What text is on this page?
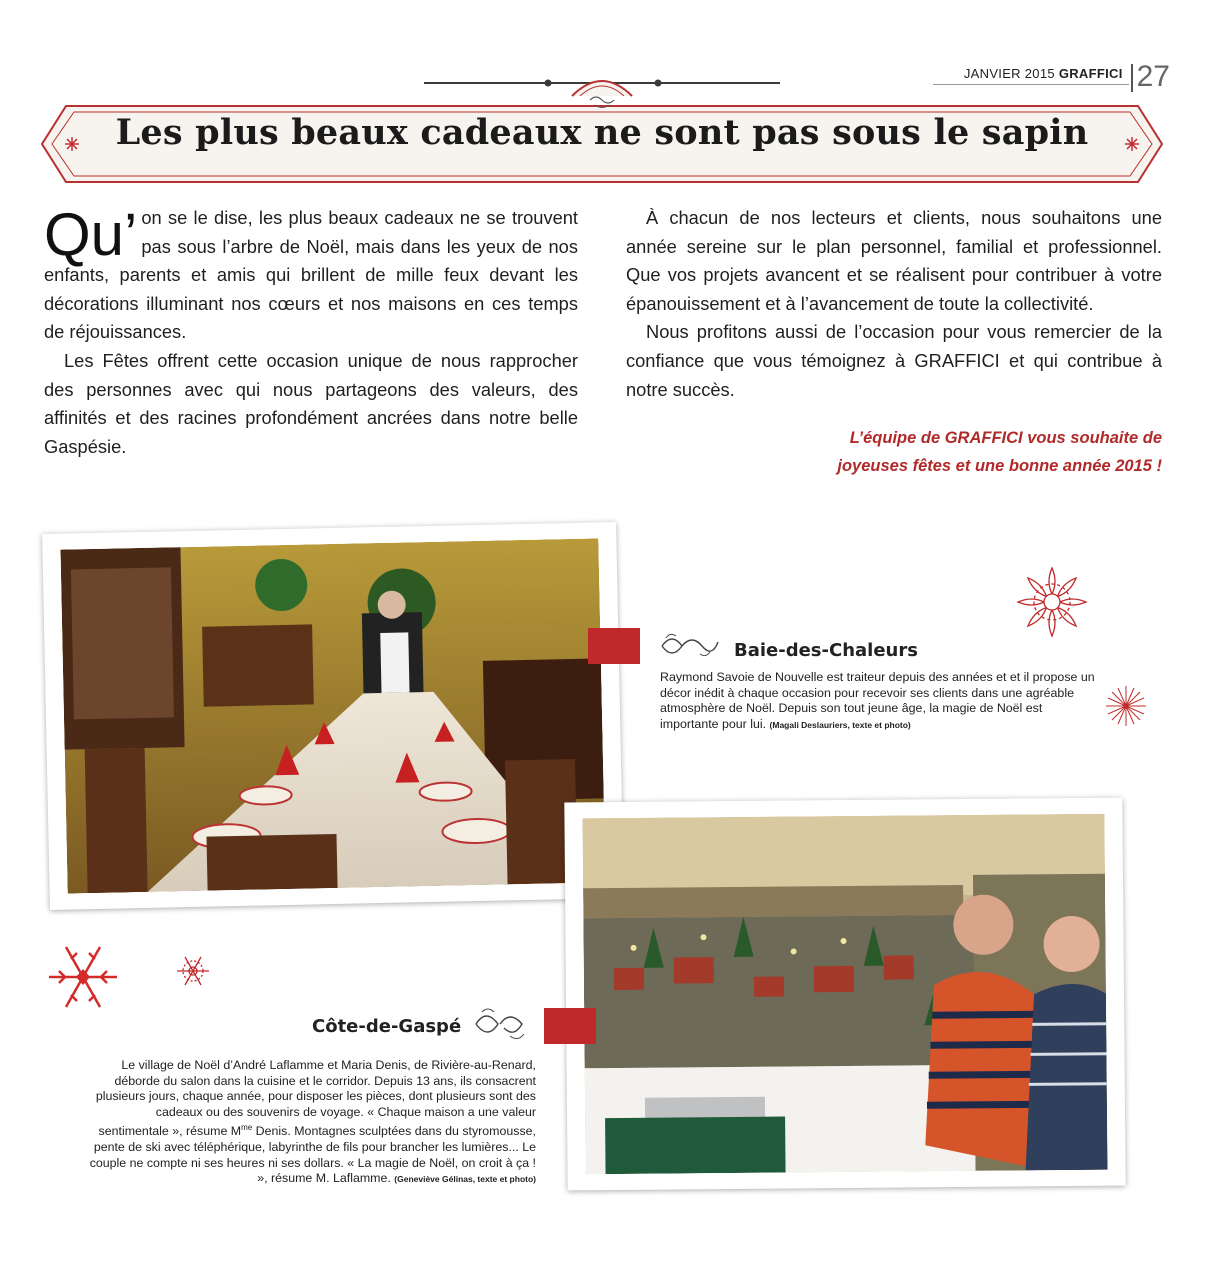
JANVIER 2015 GRAFFICI 27
Les plus beaux cadeaux ne sont pas sous le sapin

Qu’ on se le dise, les plus beaux cadeaux ne se trouvent pas sous l’arbre de Noël, mais dans les yeux de nos enfants, parents et amis qui brillent de mille feux devant les décorations illuminant nos cœurs et nos maisons en ces temps de réjouissances.

Les Fêtes offrent cette occasion unique de nous rapprocher des personnes avec qui nous partageons des valeurs, des affinités et des racines profondément ancrées dans notre belle Gaspésie.

À chacun de nos lecteurs et clients, nous souhaitons une année sereine sur le plan personnel, familial et professionnel. Que vos projets avancent et se réalisent pour contribuer à votre épanouissement et à l’avancement de toute la collectivité.

Nous profitons aussi de l’occasion pour vous remercier de la confiance que vous témoignez à GRAFFICI et qui contribue à notre succès.

L’équipe de GRAFFICI vous souhaite de
joyeuses fêtes et une bonne année 2015 !
Baie-des-Chaleurs
Raymond Savoie de Nouvelle est traiteur depuis des années et et il propose un décor inédit à chaque occasion pour recevoir ses clients dans une agréable atmosphère de Noël. Depuis son tout jeune âge, la magie de Noël est importante pour lui. (Magali Deslauriers, texte et photo)
Côte-de-Gaspé
Le village de Noël d’André Laflamme et Maria Denis, de Rivière-au-Renard, déborde du salon dans la cuisine et le corridor. Depuis 13 ans, ils consacrent plusieurs jours, chaque année, pour disposer les pièces, dont plusieurs sont des cadeaux ou des souvenirs de voyage. « Chaque maison a une valeur sentimentale », résume $M^{me}$ Denis. Montagnes sculptées dans du styromousse, pente de ski avec téléphérique, labyrinthe de fils pour brancher les lumières... Le couple ne compte ni ses heures ni ses dollars. « La magie de Noël, on croit à ça ! », résume M. Laflamme. (Geneviève Gélinas, texte et photo)
